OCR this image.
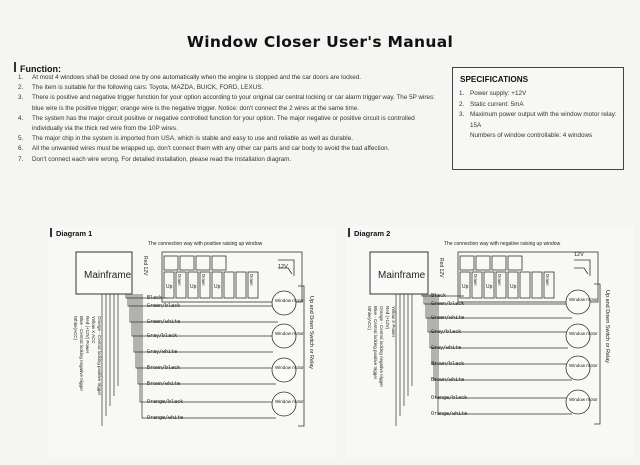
Window Closer User's Manual
Function:
1. At most 4 windows shall be closed one by one automatically when the engine is stopped and the car doors are locked.
2. The item is suitable for the following cars: Toyota, MAZDA, BUICK, FORD, LEXUS.
3. There is positive and negative trigger function for your option according to your original car central locking or car alarm trigger way. The 5P wires: blue wire is the positive trigger; orange wire is the negative trigger. Notice: don't connect the 2 wires at the same time.
4. The system has the major circuit positive or negative controlled function for your option. The major negative or positive circuit is controlled individually via the thick red wire from the 10P wires.
5. The major chip in the system is imported from USA, which is stable and easy to use and reliable as well as durable.
6. All the unwanted wires must be wrapped up, don't connect them with any other car parts and car body to avoid the bad affection.
7. Don't connect each wire wrong. For detailed installation, please read the Installation diagram.
SPECIFICATIONS
1. Power supply: +12V
2. Static current: 5mA
3. Maximum power output with the window motor relay: 15A
Numbers of window controllable: 4 windows
Diagram 1
The connection way with positive raising up window
Mainframe
Red 12V
Up	Up	Up
Down	Down	Down
12V
Black
Green/black
Green/white
Gray/black
Gray/white
Brown/black
Brown/white
Orange/black
Orange/white
Window motor
Window motor
Window motor
Window motor
Up and Down Switch or Relay
Orange - Central locking positive trigger
Yellow X ACC
Red (+12V) Power
Blue - Central locking negative trigger
White(ACC)
Diagram 2
The connection way with negative raising up window
Mainframe	Red 12V
Up	Up	Up
Down	Down	Down
12V
Black
Green/black
Green/white
Gray/black
Gray/white
Brown/black
Brown/white
Orange/black
Orange/white
Window motor
Window motor
Window motor
Window motor
Up and Down Switch or Relay
Yellow X Power
Red (+12V)
Orange - Central locking negative trigger
Blue - Central locking positive trigger
White(ACC)
